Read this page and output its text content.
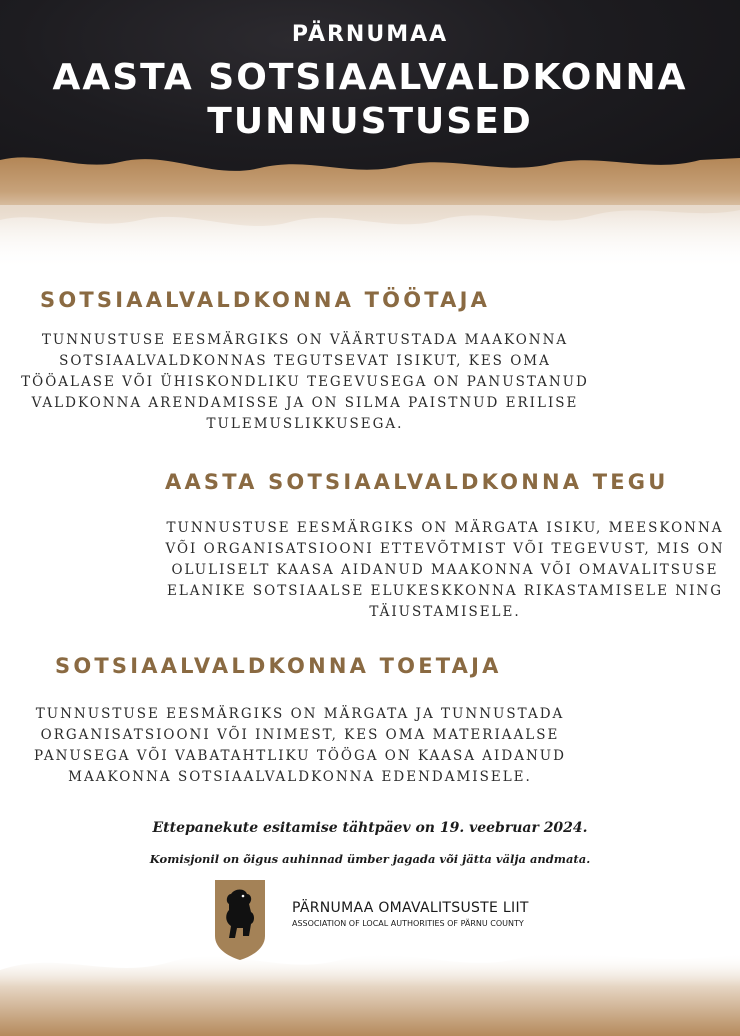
PÄRNUMAA
AASTA SOTSIAALVALDKONNA
TUNNUSTUSED
SOTSIAALVALDKONNA TÖÖTAJA
TUNNUSTUSE EESMÄRGIKS ON VÄÄRTUSTADA MAAKONNA
SOTSIAALVALDKONNAS TEGUTSEVAT ISIKUT, KES OMA
TÖÖALASE VÕI ÜHISKONDLIKU TEGEVUSEGA ON PANUSTANUD
VALDKONNA ARENDAMISSE JA ON SILMA PAISTNUD ERILISE
TULEMUSLIKKUSEGA.
AASTA SOTSIAALVALDKONNA TEGU
TUNNUSTUSE EESMÄRGIKS ON MÄRGATA ISIKU, MEESKONNA
VÕI ORGANISATSIOONI ETTEVÕTMIST VÕI TEGEVUST, MIS ON
OLULISELT KAASA AIDANUD MAAKONNA VÕI OMAVALITSUSE
ELANIKE SOTSIAALSE ELUKESKKONNA RIKASTAMISELE NING
TÄIUSTAMISELE.
SOTSIAALVALDKONNA TOETAJA
TUNNUSTUSE EESMÄRGIKS ON MÄRGATA JA TUNNUSTADA
ORGANISATSIOONI VÕI INIMEST, KES OMA MATERIAALSE
PANUSEGA VÕI VABATAHTLIKU TÖÖGA ON KAASA AIDANUD
MAAKONNA SOTSIAALVALDKONNA EDENDAMISELE.
Ettepanekute esitamise tähtpäev on 19. veebruar 2024.
Komisjonil on õigus auhinnad ümber jagada või jätta välja andmata.
PÄRNUMAA OMAVALITSUSTE LIIT
ASSOCIATION OF LOCAL AUTHORITIES OF PÄRNU COUNTY
